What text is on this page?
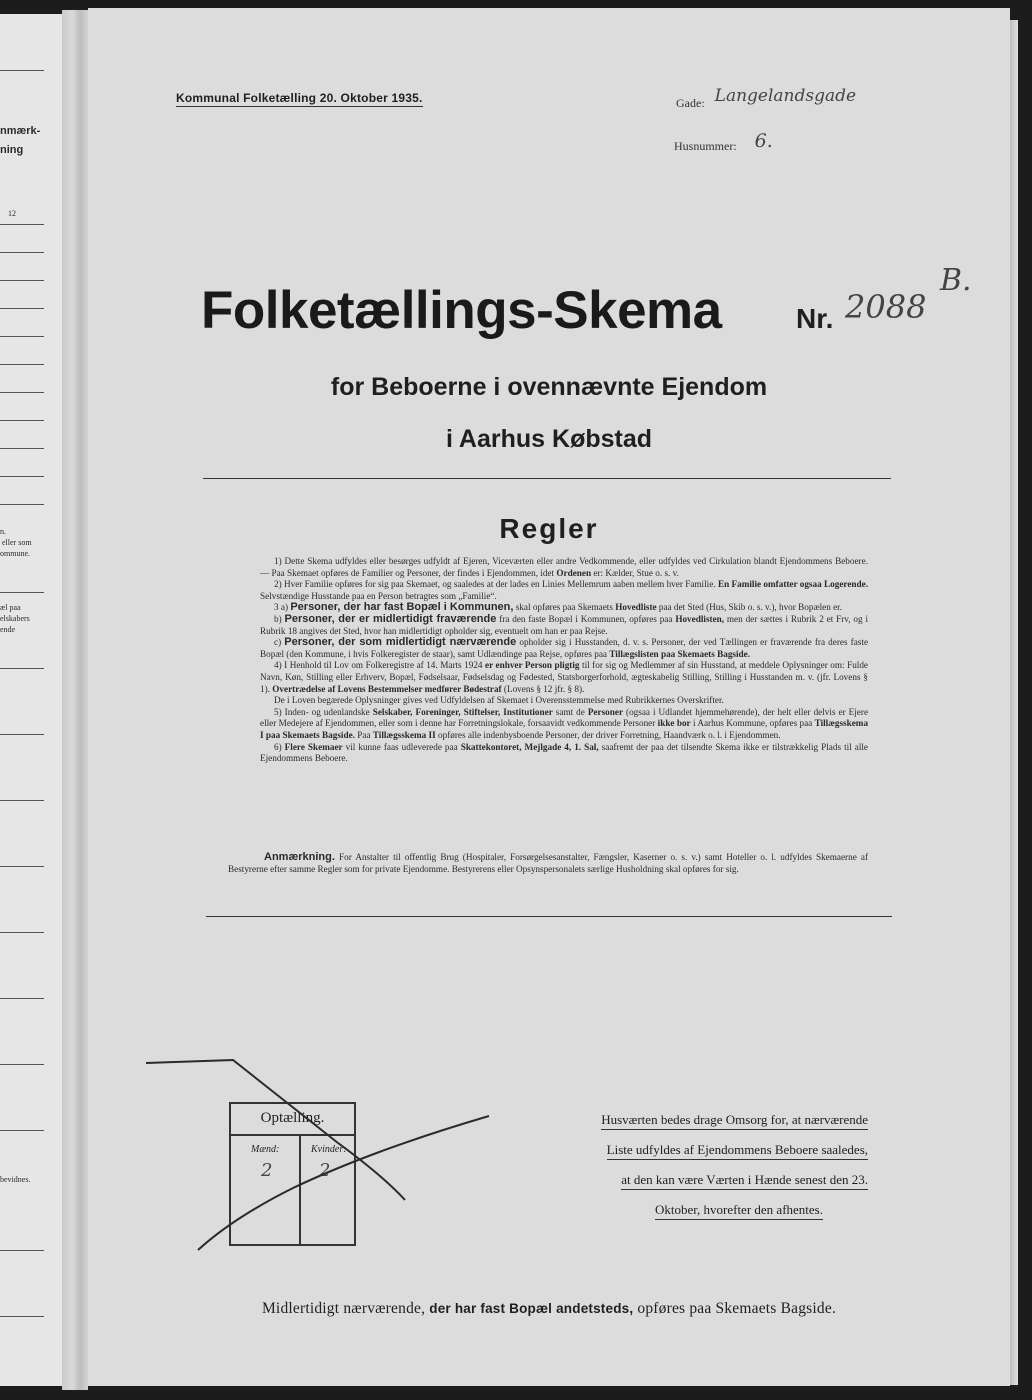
nmærk-
ning
12
n.
eller som
ommune.
æl paa
elskabers
ende
bevidnes.
Kommunal Folketælling 20. Oktober 1935.	Gade: Langelandsgade
Husnummer: 6.
Folketællings-Skema	Nr. 2088
B.
for Beboerne i ovennævnte Ejendom
i Aarhus Købstad
Regler

1) Dette Skema udfyldes eller besørges udfyldt af Ejeren, Viceværten eller andre Vedkommende, eller udfyldes ved Cirkulation blandt Ejendommens Beboere. — Paa Skemaet opføres de Familier og Personer, der findes i Ejendommen, idet Ordenen er: Kælder, Stue o. s. v.

2) Hver Familie opføres for sig paa Skemaet, og saaledes at der lades en Linies Mellemrum aaben mellem hver Familie. En Familie omfatter ogsaa Logerende. Selvstændige Husstande paa en Person betragtes som „Familie“.

3 a) Personer, der har fast Bopæl i Kommunen, skal opføres paa Skemaets Hovedliste paa det Sted (Hus, Skib o. s. v.), hvor Bopælen er.

b) Personer, der er midlertidigt fraværende fra den faste Bopæl i Kommunen, opføres paa Hovedlisten, men der sættes i Rubrik 2 et Frv, og i Rubrik 18 angives det Sted, hvor han midlertidigt opholder sig, eventuelt om han er paa Rejse.

c) Personer, der som midlertidigt nærværende opholder sig i Husstanden, d. v. s. Personer, der ved Tællingen er fraværende fra deres faste Bopæl (den Kommune, i hvis Folkeregister de staar), samt Udlændinge paa Rejse, opføres paa Tillægslisten paa Skemaets Bagside.

4) I Henhold til Lov om Folkeregistre af 14. Marts 1924 er enhver Person pligtig til for sig og Medlemmer af sin Husstand, at meddele Oplysninger om: Fulde Navn, Køn, Stilling eller Erhverv, Bopæl, Fødselsaar, Fødselsdag og Fødested, Statsborgerforhold, ægteskabelig Stilling, Stilling i Husstanden m. v. (jfr. Lovens § 1). Overtrædelse af Lovens Bestemmelser medfører Bødestraf (Lovens § 12 jfr. § 8).

De i Loven begærede Oplysninger gives ved Udfyldelsen af Skemaet i Overensstemmelse med Rubrikkernes Overskrifter.

5) Inden- og udenlandske Selskaber, Foreninger, Stiftelser, Institutioner samt de Personer (ogsaa i Udlandet hjemmehørende), der helt eller delvis er Ejere eller Medejere af Ejendommen, eller som i denne har Forretningslokale, forsaavidt vedkommende Personer ikke bor i Aarhus Kommune, opføres paa Tillægsskema I paa Skemaets Bagside. Paa Tillægsskema II opføres alle indenbysboende Personer, der driver Forretning, Haandværk o. l. i Ejendommen.

6) Flere Skemaer vil kunne faas udleverede paa Skattekontoret, Mejlgade 4, 1. Sal, saafremt der paa det tilsendte Skema ikke er tilstrækkelig Plads til alle Ejendommens Beboere.

Anmærkning. For Anstalter til offentlig Brug (Hospitaler, Forsørgelsesanstalter, Fængsler, Kaserner o. s. v.) samt Hoteller o. l. udfyldes Skemaerne af Bestyrerne efter samme Regler som for private Ejendomme. Bestyrerens eller Opsynspersonalets særlige Husholdning skal opføres for sig.
Optælling.
Mænd:	Kvinder:
2	2
Husværten bedes drage Omsorg for, at nærværende
Liste udfyldes af Ejendommens Beboere saaledes,
at den kan være Værten i Hænde senest den 23.
Oktober, hvorefter den afhentes.
Midlertidigt nærværende, der har fast Bopæl andetsteds, opføres paa Skemaets Bagside.
